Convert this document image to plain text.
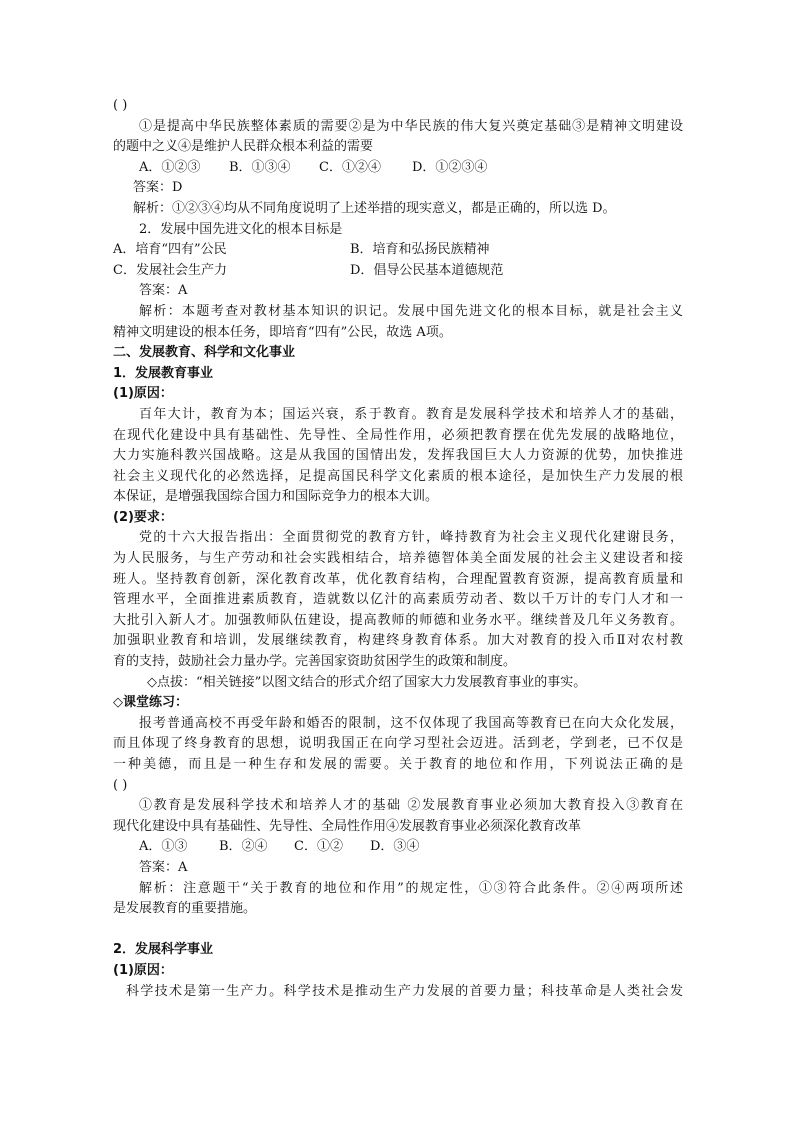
( )

①是提高中华民族整体素质的需要②是为中华民族的伟大复兴奠定基础③是精神文明建设

的题中之义④是维护人民群众根本利益的需要

A．①②③ B．①③④ C．①②④ D．①②③④

答案：D

解析：①②③④均从不同角度说明了上述举措的现实意义，都是正确的，所以选 D。

2．发展中国先进文化的根本目标是

A．培育“四有”公民	B．培育和弘扬民族精神
C．发展社会生产力	D．倡导公民基本道德规范

答案：A

解析：本题考查对教材基本知识的识记。发展中国先进文化的根本目标，就是社会主义

精神文明建设的根本任务，即培育“四有”公民，故选 A项。

二、发展教育、科学和文化事业

1．发展教育事业

(1)原因：

百年大计，教育为本；国运兴衰，系于教育。教育是发展科学技术和培养人才的基础，

在现代化建设中具有基础性、先导性、全局性作用，必须把教育摆在优先发展的战略地位，

大力实施科教兴国战略。这是从我国的国情出发，发挥我国巨大人力资源的优势，加快推进

社会主义现代化的必然选择，足提高国民科学文化素质的根本途径，是加快生产力发展的根

本保证，是增强我国综合国力和国际竞争力的根本大训。

(2)要求：

党的十六大报告指出：全面贯彻党的教育方针，峰持教育为社会主义现代化建谢艮务，

为人民服务，与生产劳动和社会实践相结合，培养德智体美全面发展的社会主义建设者和接

班人。坚持教育创新，深化教育改革，优化教育结构，合理配置教育资源，提高教育质量和

管理水平，全面推进素质教育，造就数以亿汁的高素质劳动者、数以千万计的专门人才和一

大批引入新人才。加强教师队伍建设，提高教师的师德和业务水平。继续普及几年义务教育。

加强职业教育和培训，发展继续教育，构建终身教育体系。加大对教育的投入币Ⅱ对农村教

育的支持，鼓励社会力量办学。完善国家资助贫困学生的政策和制度。

◇点拔：“相关链接”以图文结合的形式介绍了国家大力发展教育事业的事实。

◇课堂练习：

报考普通高校不再受年龄和婚否的限制，这不仅体现了我国高等教育已在向大众化发展，

而且体现了终身教育的思想，说明我国正在向学习型社会迈进。活到老，学到老，已不仅是

一种美德，而且是一种生存和发展的需要。关于教育的地位和作用，下列说法正确的是

( )

①教育是发展科学技术和培养人才的基础 ②发展教育事业必须加大教育投入③教育在

现代化建设中具有基础性、先导性、全局性作用④发展教育事业必须深化教育改革

A．①③ B．②④ C．①② D．③④

答案：A

解析：注意题干“关于教育的地位和作用”的规定性，①③符合此条件。②④两项所述

是发展教育的重要措施。

2．发展科学事业

(1)原因：

科学技术是第一生产力。科学技术是推动生产力发展的首要力量；科技革命是人类社会发
